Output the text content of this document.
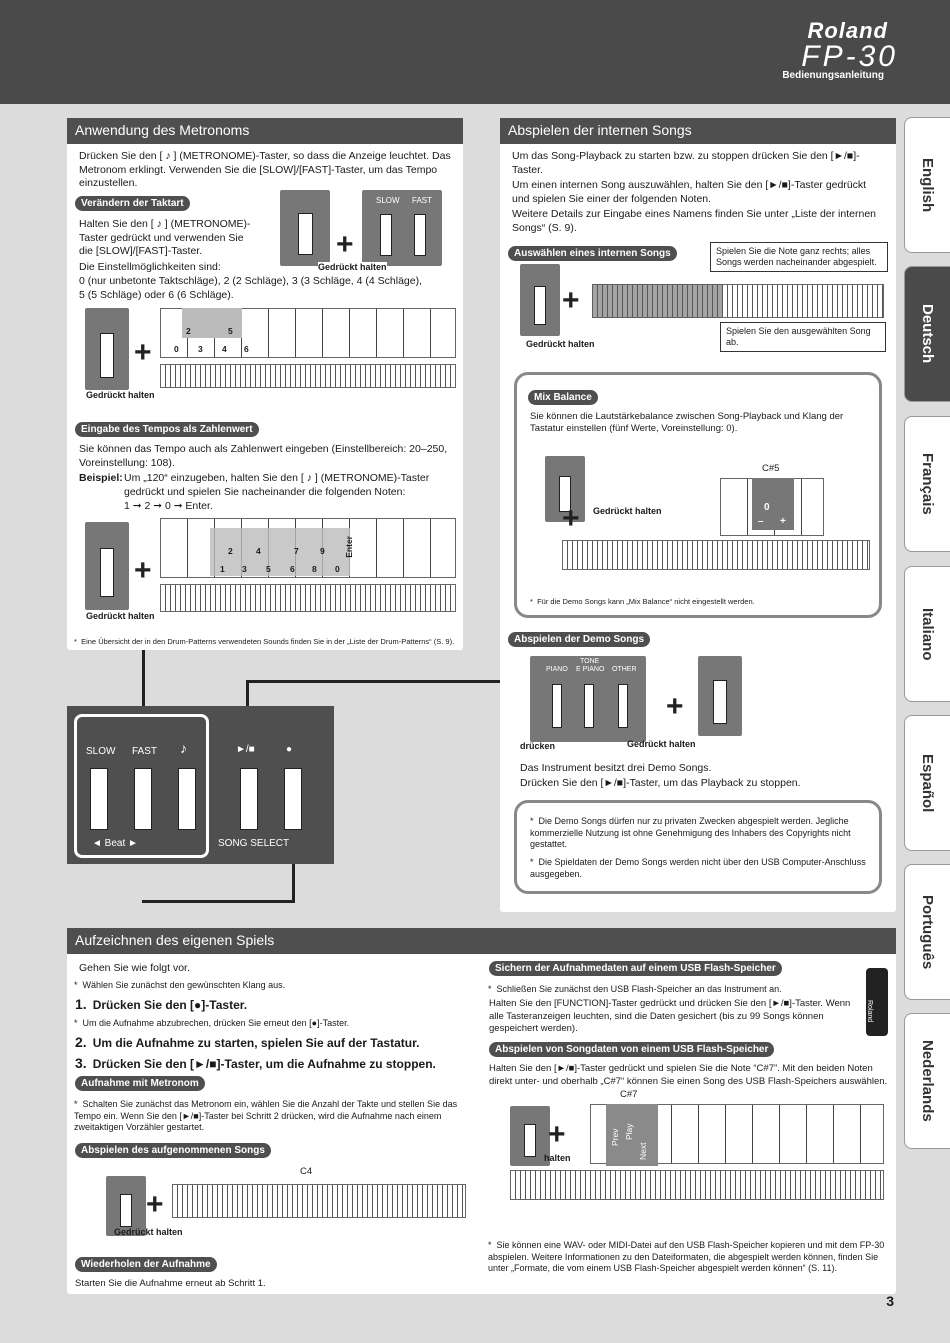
Roland
FP-30
Bedienungsanleitung
English
Deutsch
Français
Italiano
Español
Português
Nederlands
Anwendung des Metronoms
Drücken Sie den [ ♪ ] (METRONOME)-Taster, so dass die Anzeige leuchtet. Das Metronom erklingt. Verwenden Sie die [SLOW]/[FAST]-Taster, um das Tempo einzustellen.
Verändern der Taktart
Halten Sie den [ ♪ ] (METRONOME)-Taster gedrückt und verwenden Sie die [SLOW]/[FAST]-Taster.
Die Einstellmöglichkeiten sind:
0 (nur unbetonte Taktschläge), 2 (2 Schläge), 3 (3 Schläge, 4 (4 Schläge), 5 (5 Schläge) oder 6 (6 Schläge).
+
SLOW FAST
Gedrückt halten
+
2	5
0 3 4 6
Gedrückt halten
Eingabe des Tempos als Zahlenwert
Sie können das Tempo auch als Zahlenwert eingeben (Einstellbereich: 20–250, Voreinstellung: 108).
Beispiel: Um „120“ einzugeben, halten Sie den [ ♪ ] (METRONOME)-Taster gedrückt und spielen Sie nacheinander die folgenden Noten:
1 ➞ 2 ➞ 0 ➞ Enter.
+
2	4	7	9
1 3 5 6 8 0
Enter
Gedrückt halten
*  Eine Übersicht der in den Drum-Patterns verwendeten Sounds finden Sie in der „Liste der Drum-Patterns“ (S. 9).
Abspielen der internen Songs
Um das Song-Playback zu starten bzw. zu stoppen drücken Sie den [►/■]-Taster.
Um einen internen Song auszuwählen, halten Sie den [►/■]-Taster gedrückt und spielen Sie einer der folgenden Noten.
Weitere Details zur Eingabe eines Namens finden Sie unter „Liste der internen Songs“ (S. 9).
Auswählen eines internen Songs	Spielen Sie die Note ganz rechts; alles Songs werden nacheinander abgespielt.
+
Spielen Sie den ausgewählten Song ab.
Gedrückt halten
Mix Balance
Sie können die Lautstärkebalance zwischen Song-Playback und Klang der Tastatur einstellen (fünf Werte, Voreinstellung: 0).
+ Gedrückt halten
C#5
0
– +
*  Für die Demo Songs kann „Mix Balance“ nicht eingestellt werden.
Abspielen der Demo Songs
TONE
PIANO E PIANO OTHER
+
drücken	Gedrückt halten
Das Instrument besitzt drei Demo Songs.
Drücken Sie den [►/■]-Taster, um das Playback zu stoppen.
*  Die Demo Songs dürfen nur zu privaten Zwecken abgespielt werden. Jegliche kommerzielle Nutzung ist ohne Genehmigung des Inhabers des Copyrights nicht gestattet.
*  Die Spieldaten der Demo Songs werden nicht über den USB Computer-Anschluss ausgegeben.
SLOW FAST ♪
◄ Beat ►
►/■	●
SONG SELECT
Aufzeichnen des eigenen Spiels
Gehen Sie wie folgt vor.
*  Wählen Sie zunächst den gewünschten Klang aus.
1. Drücken Sie den [●]-Taster.
*  Um die Aufnahme abzubrechen, drücken Sie erneut den [●]-Taster.
2. Um die Aufnahme zu starten, spielen Sie auf der Tastatur.
3. Drücken Sie den [►/■]-Taster, um die Aufnahme zu stoppen.
Aufnahme mit Metronom
*  Schalten Sie zunächst das Metronom ein, wählen Sie die Anzahl der Takte und stellen Sie das Tempo ein. Wenn Sie den [►/■]-Taster bei Schritt 2 drücken, wird die Aufnahme nach einem zweitaktigen Vorzähler gestartet.
Abspielen des aufgenommenen Songs
C4
+
Gedrückt halten
Wiederholen der Aufnahme
Starten Sie die Aufnahme erneut ab Schritt 1.
Sichern der Aufnahmedaten auf einem USB Flash-Speicher
Roland
*  Schließen Sie zunächst den USB Flash-Speicher an das Instrument an.
Halten Sie den [FUNCTION]-Taster gedrückt und drücken Sie den [►/■]-Taster. Wenn alle Tasteranzeigen leuchten, sind die Daten gesichert (bis zu 99 Songs können gespeichert werden).
Abspielen von Songdaten von einem USB Flash-Speicher
Halten Sie den [►/■]-Taster gedrückt und spielen Sie die Note “C#7”. Mit den beiden Noten direkt unter- und oberhalb „C#7“ können Sie einen Song des USB Flash-Speichers auswählen.
C#7
+	Prev Play
Next
halten
*  Sie können eine WAV- oder MIDI-Datei auf den USB Flash-Speicher kopieren und mit dem FP-30 abspielen. Weitere Informationen zu den Dateiformaten, die abgespielt werden können, finden Sie unter „Formate, die vom einem USB Flash-Speicher abgespielt werden können“ (S. 11).
3
